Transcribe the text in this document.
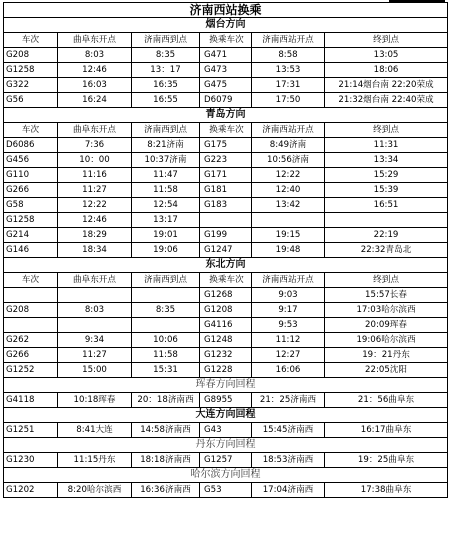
济南西站换乘					
烟台方向					
车次	曲阜东开点	济南西到点	换乘车次	济南西站开点	终到点
G208	8:03	8:35	G471	8:58	13:05
G1258	12:46	13：17	G473	13:53	18:06
G322	16:03	16:35	G475	17:31	21:14烟台南 22:20荣成
G56	16:24	16:55	D6079	17:50	21:32烟台南 22:40荣成
青岛方向					
车次	曲阜东开点	济南西到点	换乘车次	济南西站开点	终到点
D6086	7:36	8:21济南	G175	8:49济南	11:31
G456	10：00	10:37济南	G223	10:56济南	13:34
G110	11:16	11:47	G171	12:22	15:29
G266	11:27	11:58	G181	12:40	15:39
G58	12:22	12:54	G183	13:42	16:51
G1258	12:46	13:17			
G214	18:29	19:01	G199	19:15	22:19
G146	18:34	19:06	G1247	19:48	22:32青岛北
东北方向					
车次	曲阜东开点	济南西到点	换乘车次	济南西站开点	终到点
			G1268	9:03	15:57长春
G208	8:03	8:35	G1208	9:17	17:03哈尔滨西
			G4116	9:53	20:09珲春
G262	9:34	10:06	G1248	11:12	19:06哈尔滨西
G266	11:27	11:58	G1232	12:27	19：21丹东
G1252	15:00	15:31	G1228	16:06	22:05沈阳
珲春方向回程					
G4118	10:18珲春	20：18济南西	G8955	21：25济南西	21：56曲阜东
大连方向回程					
G1251	8:41大连	14:58济南西	G43	15:45济南西	16:17曲阜东
丹东方向回程					
G1230	11:15丹东	18:18济南西	G1257	18:53济南西	19：25曲阜东
哈尔滨方向回程					
G1202	8:20哈尔滨西	16:36济南西	G53	17:04济南西	17:38曲阜东
